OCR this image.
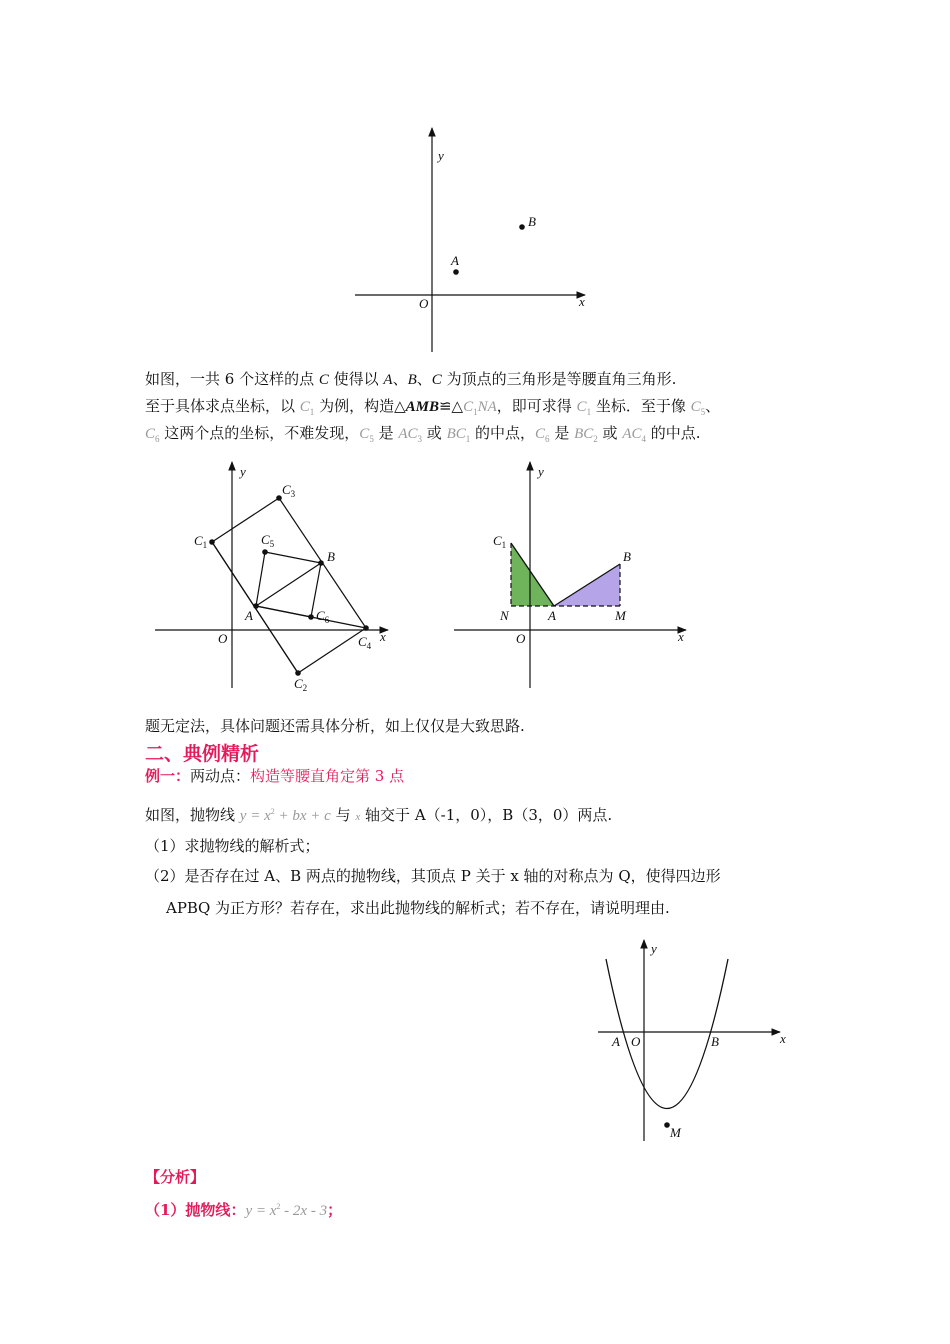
y
x
O
A
B
如图，一共 6 个这样的点 C 使得以 A、B、C 为顶点的三角形是等腰直角三角形.
至于具体求点坐标，以 $C_1$ 为例，构造$\triangle AMB≌\triangle C_1NA$，即可求得 $C_1$ 坐标．至于像 $C_5$、
$C_6$ 这两个点的坐标，不难发现，$C_5$ 是 $AC_3$ 或 $BC_1$ 的中点，$C_6$ 是 $BC_2$ 或 $AC_4$ 的中点.
y
x
O
$C_1$
$C_3$
$C_5$
B
A	$C_6$
$C_4$
$C_2$
y
x
O
$C_1$
B
N	A	M
题无定法，具体问题还需具体分析，如上仅仅是大致思路.
二、典例精析
例一：两动点：构造等腰直角定第 3 点
如图，抛物线 $y = x^2$ + bx + c 与 x 轴交于 A（-1，0），B（3，0）两点.
（1）求抛物线的解析式；
（2）是否存在过 A、B 两点的抛物线，其顶点 P 关于 x 轴的对称点为 Q，使得四边形
APBQ 为正方形？若存在，求出此抛物线的解析式；若不存在，请说明理由.
y
x
A O	B
M
【分析】
（1）抛物线：$y = x^2 - 2x - 3$；
